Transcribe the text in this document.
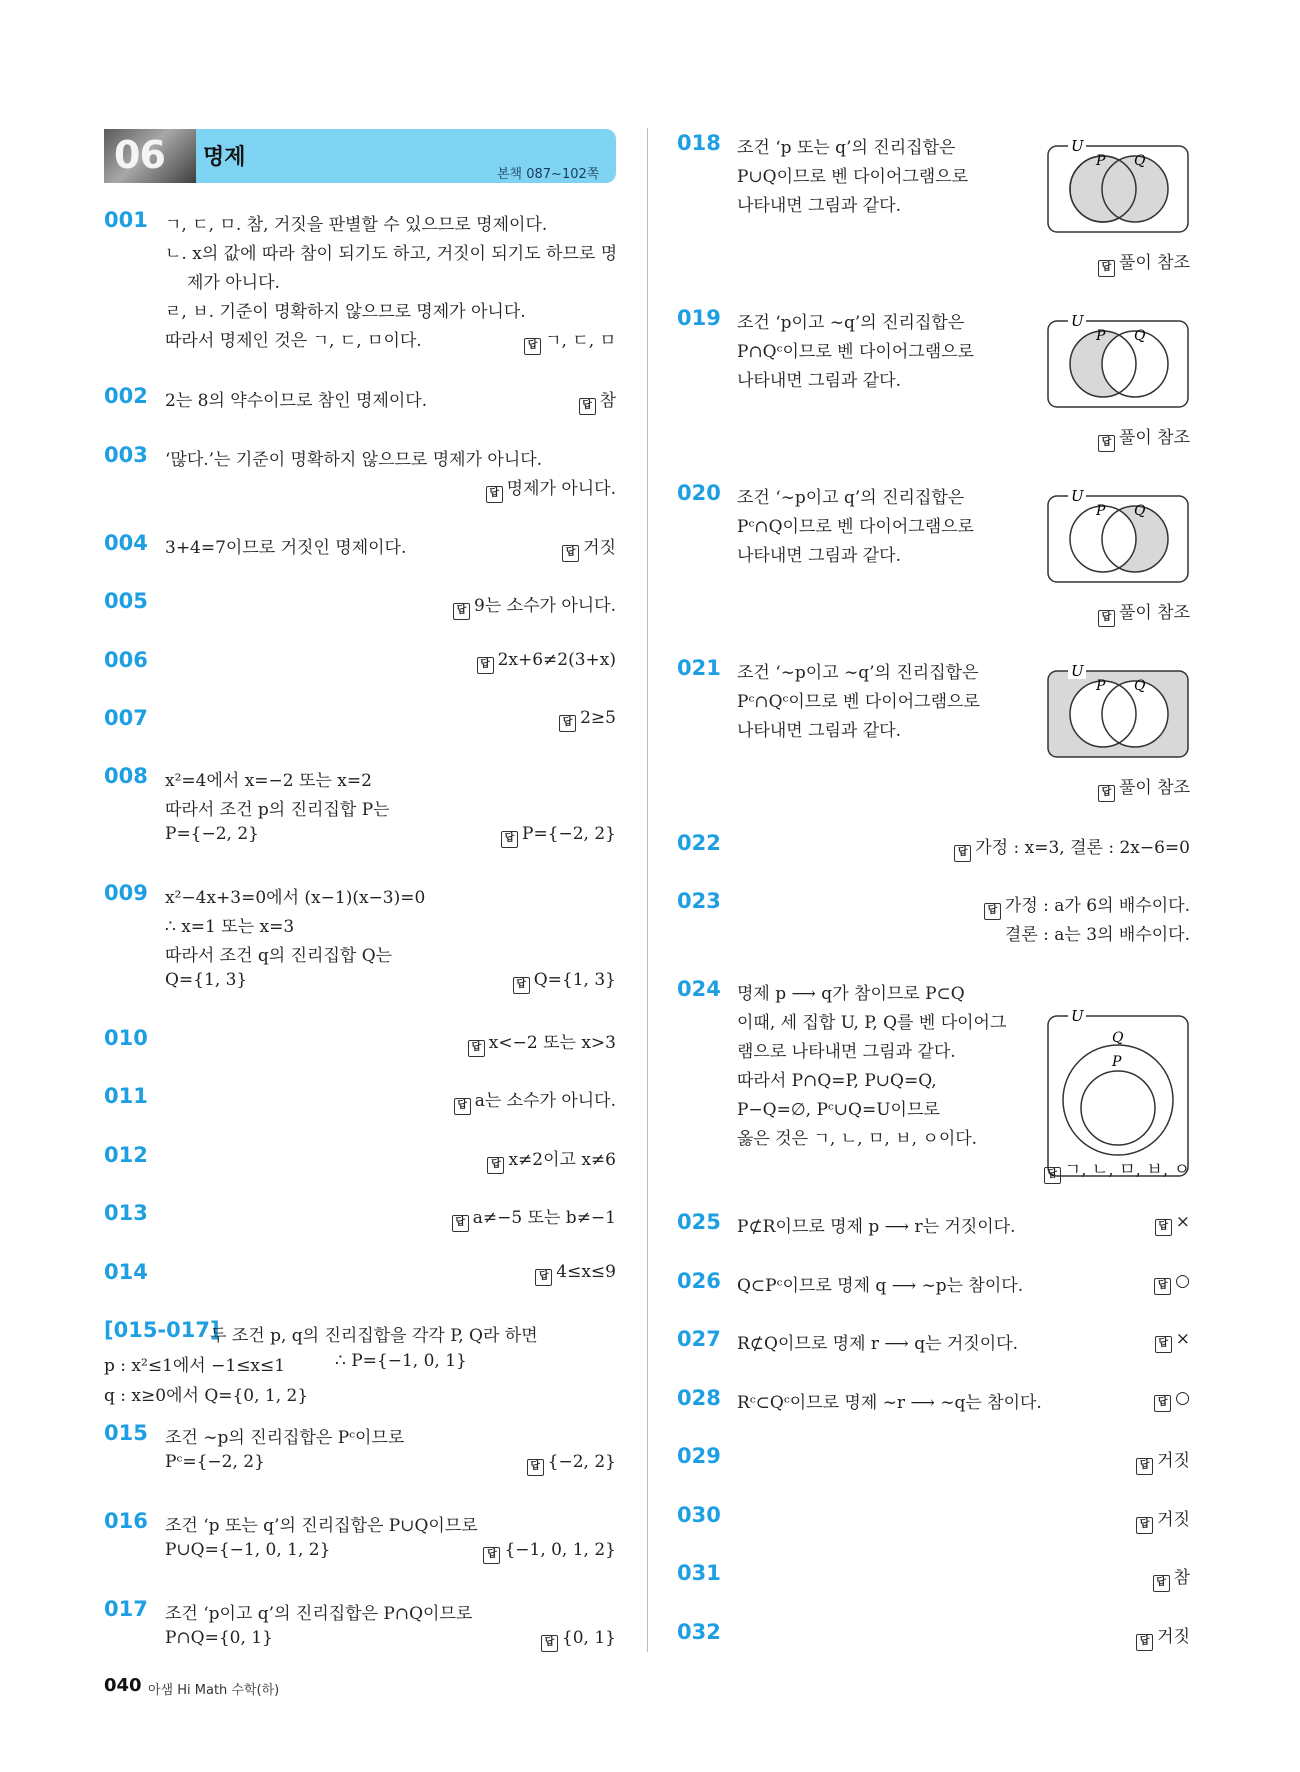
06 명제
본책 087~102쪽
001 ㄱ, ㄷ, ㅁ. 참, 거짓을 판별할 수 있으므로 명제이다.
ㄴ. x의 값에 따라 참이 되기도 하고, 거짓이 되기도 하므로 명
제가 아니다.
ㄹ, ㅂ. 기준이 명확하지 않으므로 명제가 아니다.
따라서 명제인 것은 ㄱ, ㄷ, ㅁ이다.	답 ㄱ, ㄷ, ㅁ
002 2는 8의 약수이므로 참인 명제이다.	답 참
003 ‘많다.’는 기준이 명확하지 않으므로 명제가 아니다.
답 명제가 아니다.
004 3+4=7이므로 거짓인 명제이다.	답 거짓
005	답 9는 소수가 아니다.
006	답 2x+6≠2(3+x)
007	답 2≥5
008 x²=4에서 x=−2 또는 x=2
따라서 조건 p의 진리집합 P는
P={−2, 2}	답 P={−2, 2}
009 x²−4x+3=0에서 (x−1)(x−3)=0
∴ x=1 또는 x=3
따라서 조건 q의 진리집합 Q는
Q={1, 3}	답 Q={1, 3}
010	답 x<−2 또는 x>3
011	답 a는 소수가 아니다.
012	답 x≠2이고 x≠6
013	답 a≠−5 또는 b≠−1
014	답 4≤x≤9
[015-017]
두 조건 p, q의 진리집합을 각각 P, Q라 하면
p : x²≤1에서 −1≤x≤1	∴ P={−1, 0, 1}
q : x≥0에서 Q={0, 1, 2}
015 조건 ∼p의 진리집합은 Pᶜ이므로
Pᶜ={−2, 2}	답 {−2, 2}
016 조건 ‘p 또는 q’의 진리집합은 P∪Q이므로
P∪Q={−1, 0, 1, 2}	답 {−1, 0, 1, 2}
017 조건 ‘p이고 q’의 진리집합은 P∩Q이므로
P∩Q={0, 1}	답 {0, 1}
018 조건 ‘p 또는 q’의 진리집합은
P∪Q이므로 벤 다이어그램으로
나타내면 그림과 같다.
U
P Q
답 풀이 참조
019 조건 ‘p이고 ∼q’의 진리집합은
P∩Qᶜ이므로 벤 다이어그램으로
나타내면 그림과 같다.
U
P Q
답 풀이 참조
020 조건 ‘∼p이고 q’의 진리집합은
Pᶜ∩Q이므로 벤 다이어그램으로
나타내면 그림과 같다.
U
P Q
답 풀이 참조
021 조건 ‘∼p이고 ∼q’의 진리집합은
Pᶜ∩Qᶜ이므로 벤 다이어그램으로
나타내면 그림과 같다.
U
P Q
답 풀이 참조
022	답 가정 : x=3, 결론 : 2x−6=0
023	답 가정 : a가 6의 배수이다.
결론 : a는 3의 배수이다.
024 명제 p ⟶ q가 참이므로 P⊂Q
이때, 세 집합 U, P, Q를 벤 다이어그
램으로 나타내면 그림과 같다.
따라서 P∩Q=P, P∪Q=Q,
P−Q=∅, Pᶜ∪Q=U이므로
옳은 것은 ㄱ, ㄴ, ㅁ, ㅂ, ㅇ이다.
U
Q
P
답 ㄱ, ㄴ, ㅁ, ㅂ, ㅇ
025 P⊄R이므로 명제 p ⟶ r는 거짓이다.	답 ×
026 Q⊂Pᶜ이므로 명제 q ⟶ ∼p는 참이다.	답 ○
027 R⊄Q이므로 명제 r ⟶ q는 거짓이다.	답 ×
028 Rᶜ⊂Qᶜ이므로 명제 ∼r ⟶ ∼q는 참이다.	답 ○
029	답 거짓
030	답 거짓
031	답 참
032	답 거짓
040 아샘 Hi Math 수학(하)
